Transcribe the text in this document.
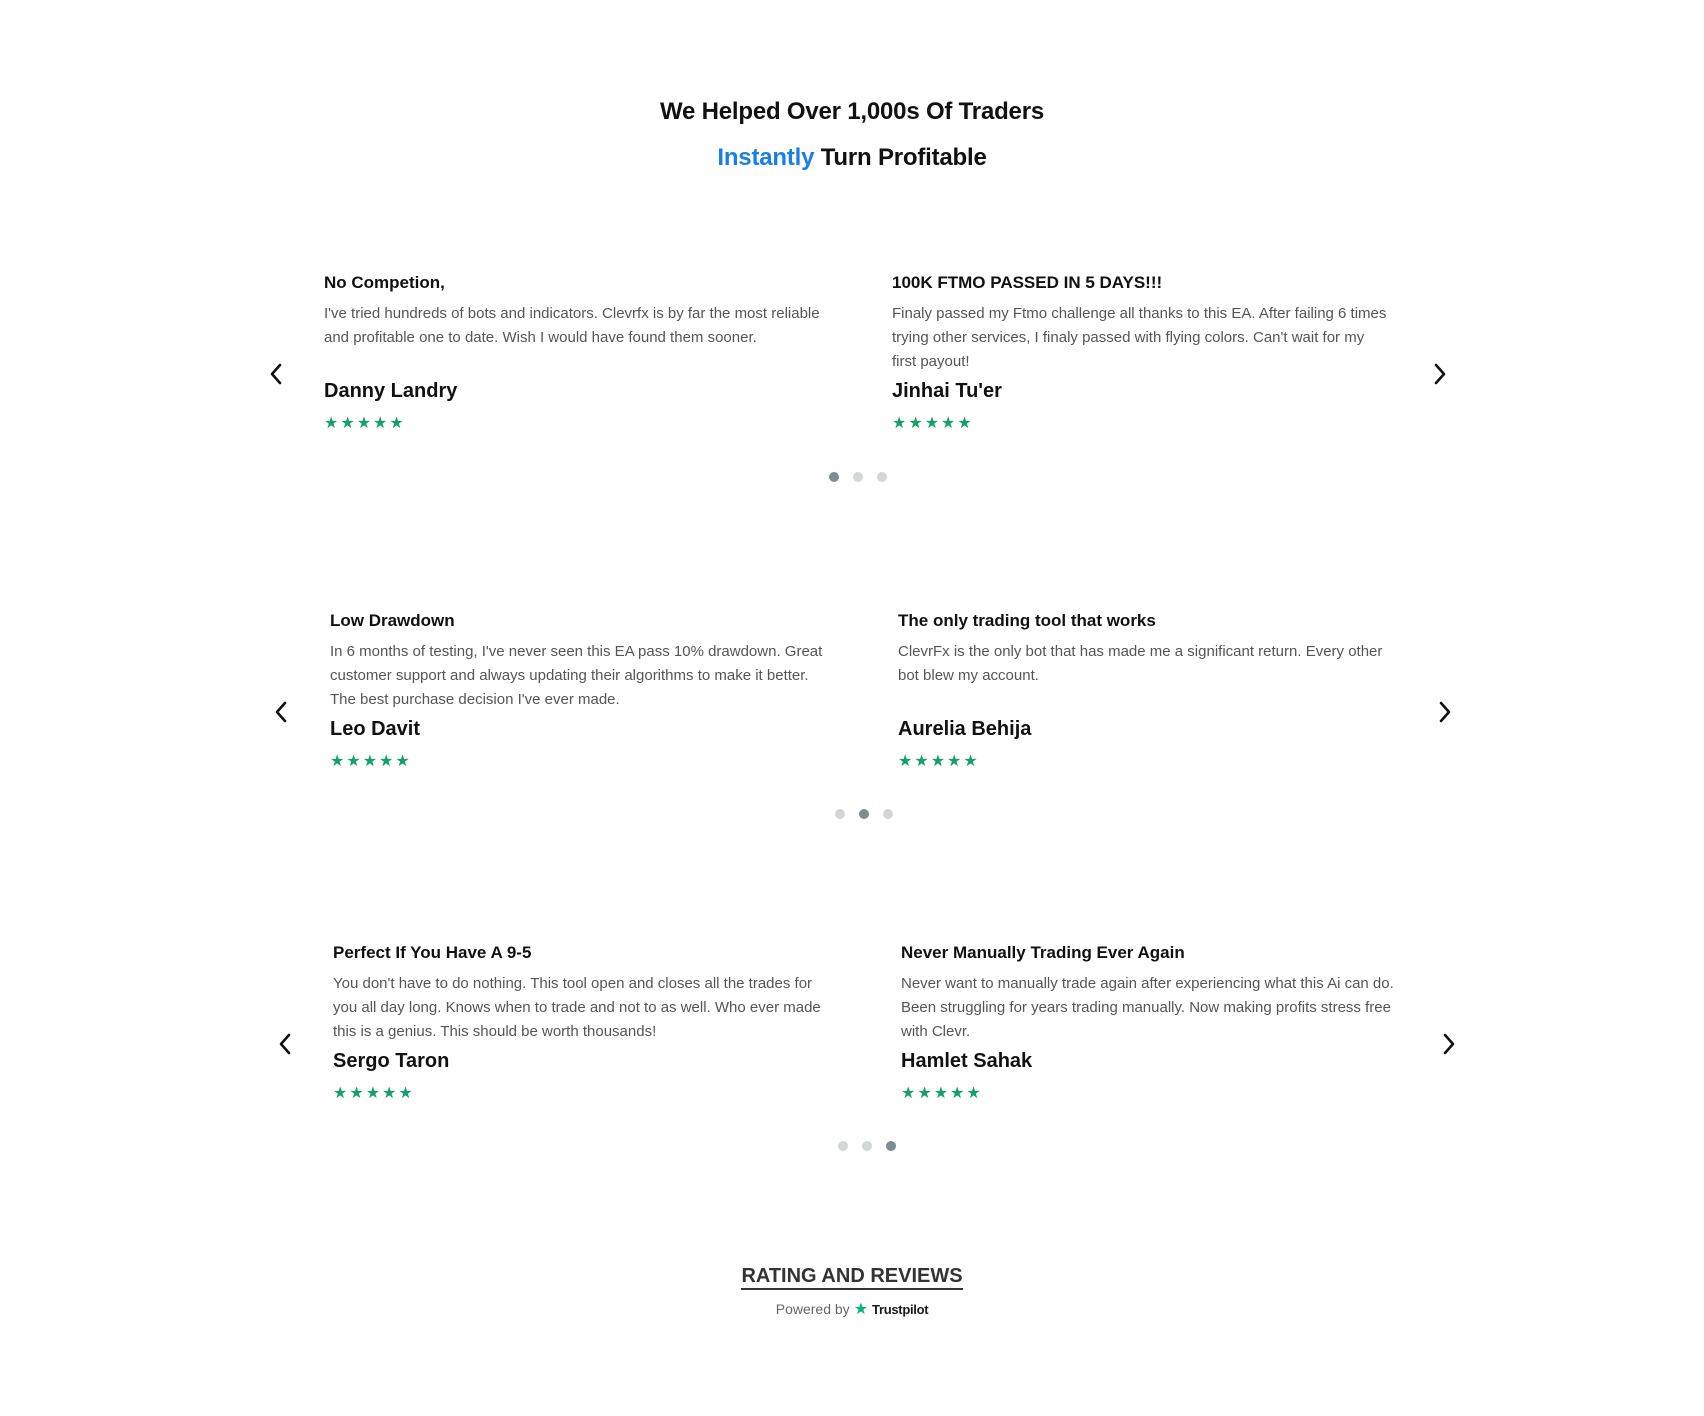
We Helped Over 1,000s Of Traders
Instantly Turn Profitable
No Competion,
I've tried hundreds of bots and indicators. Clevrfx is by far the most reliable and profitable one to date. Wish I would have found them sooner.
Danny Landry
★★★★★
100K FTMO PASSED IN 5 DAYS!!!
Finaly passed my Ftmo challenge all thanks to this EA. After failing 6 times trying other services, I finaly passed with flying colors. Can't wait for my first payout!
Jinhai Tu'er
★★★★★
Low Drawdown
In 6 months of testing, I've never seen this EA pass 10% drawdown. Great customer support and always updating their algorithms to make it better. The best purchase decision I've ever made.
Leo Davit
★★★★★
The only trading tool that works
ClevrFx is the only bot that has made me a significant return. Every other bot blew my account.
Aurelia Behija
★★★★★
Perfect If You Have A 9-5
You don't have to do nothing. This tool open and closes all the trades for you all day long. Knows when to trade and not to as well. Who ever made this is a genius. This should be worth thousands!
Sergo Taron
★★★★★
Never Manually Trading Ever Again
Never want to manually trade again after experiencing what this Ai can do. Been struggling for years trading manually. Now making profits stress free with Clevr.
Hamlet Sahak
★★★★★
RATING AND REVIEWS
Powered by ★ Trustpilot
